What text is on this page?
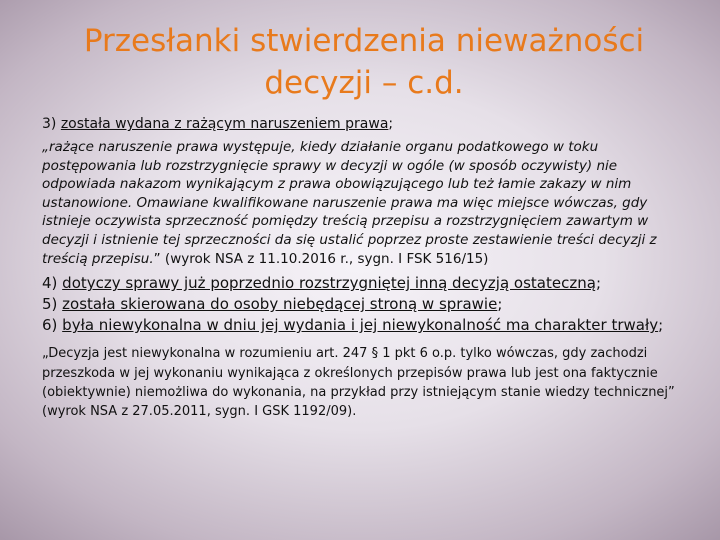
Przesłanki stwierdzenia nieważności
decyzji – c.d.

3) została wydana z rażącym naruszeniem prawa;

„rażące naruszenie prawa występuje, kiedy działanie organu podatkowego w toku postępowania lub rozstrzygnięcie sprawy w decyzji w ogóle (w sposób oczywisty) nie odpowiada nakazom wynikającym z prawa obowiązującego lub też łamie zakazy w nim ustanowione. Omawiane kwalifikowane naruszenie prawa ma więc miejsce wówczas, gdy istnieje oczywista sprzeczność pomiędzy treścią przepisu a rozstrzygnięciem zawartym w decyzji i istnienie tej sprzeczności da się ustalić poprzez proste zestawienie treści decyzji z treścią przepisu.” (wyrok NSA z 11.10.2016 r., sygn. I FSK 516/15)

4) dotyczy sprawy już poprzednio rozstrzygniętej inną decyzją ostateczną;

5) została skierowana do osoby niebędącej stroną w sprawie;

6) była niewykonalna w dniu jej wydania i jej niewykonalność ma charakter trwały;

„Decyzja jest niewykonalna w rozumieniu art. 247 § 1 pkt 6 o.p. tylko wówczas, gdy zachodzi przeszkoda w jej wykonaniu wynikająca z określonych przepisów prawa lub jest ona faktycznie (obiektywnie) niemożliwa do wykonania, na przykład przy istniejącym stanie wiedzy technicznej” (wyrok NSA z 27.05.2011, sygn. I GSK 1192/09).
